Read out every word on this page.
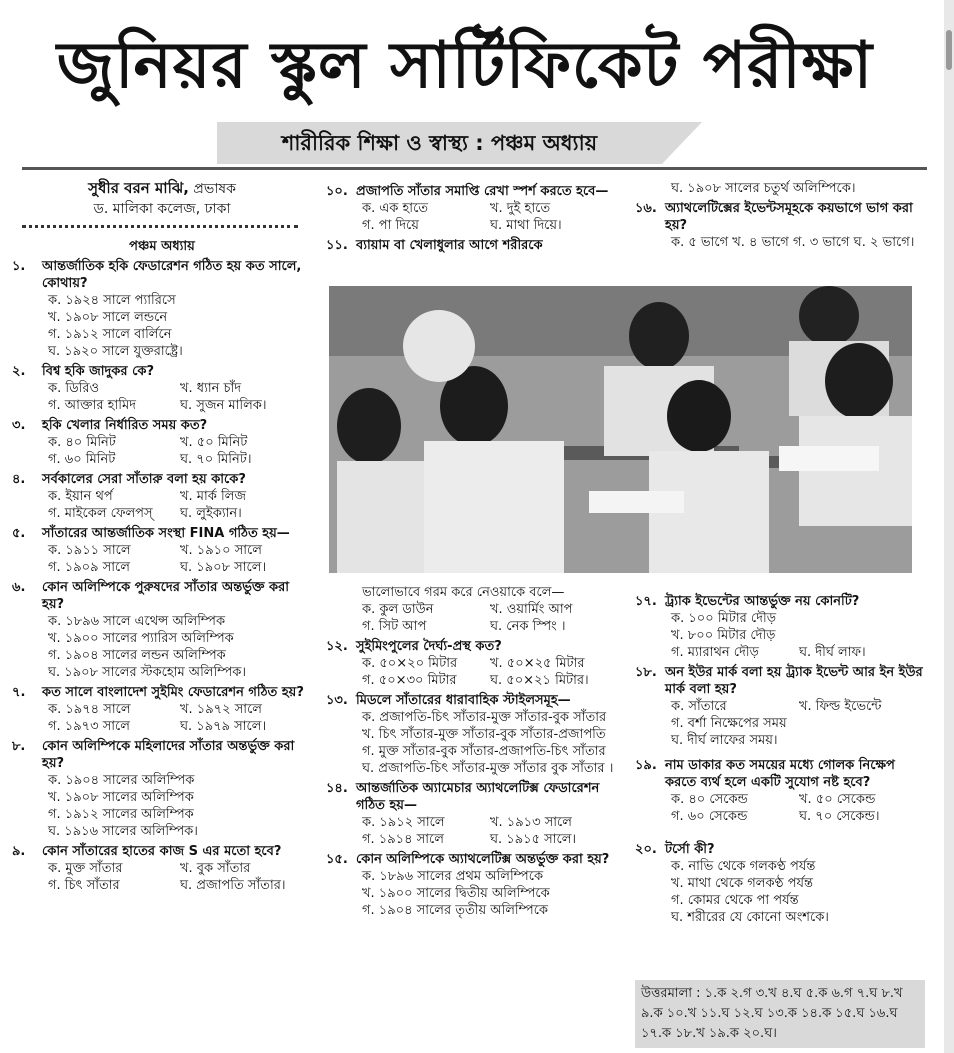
জুনিয়র স্কুল সার্টিফিকেট পরীক্ষা
শারীরিক শিক্ষা ও স্বাস্থ্য : পঞ্চম অধ্যায়
সুধীর বরন মাঝি, প্রভাষক
ড. মালিকা কলেজ, ঢাকা
পঞ্চম অধ্যায়
১.	আন্তর্জাতিক হকি ফেডারেশন গঠিত হয় কত সালে, কোথায়?
ক. ১৯২৪ সালে প্যারিসে
খ. ১৯০৮ সালে লন্ডনে
গ. ১৯১২ সালে বার্লিনে
ঘ. ১৯২০ সালে যুক্তরাষ্ট্রে।
২.	বিশ্ব হকি জাদুকর কে?
ক. ডিরিও	খ. ধ্যান চাঁদ
গ. আক্তার হামিদ	ঘ. সুজন মালিক।
৩.	হকি খেলার নির্ধারিত সময় কত?
ক. ৪০ মিনিট	খ. ৫০ মিনিট
গ. ৬০ মিনিট	ঘ. ৭০ মিনিট।
৪.	সর্বকালের সেরা সাঁতারু বলা হয় কাকে?
ক. ইয়ান থর্প	খ. মার্ক লিজ
গ. মাইকেল ফেলপস্	ঘ. লুইক্যান।
৫.	সাঁতারের আন্তর্জাতিক সংস্থা FINA গঠিত হয়—
ক. ১৯১১ সালে	খ. ১৯১০ সালে
গ. ১৯০৯ সালে	ঘ. ১৯০৮ সালে।
৬.	কোন অলিম্পিকে পুরুষদের সাঁতার অন্তর্ভুক্ত করা হয়?
ক. ১৮৯৬ সালে এথেন্স অলিম্পিক
খ. ১৯০০ সালের প্যারিস অলিম্পিক
গ. ১৯০৪ সালের লন্ডন অলিম্পিক
ঘ. ১৯০৮ সালের স্টকহোম অলিম্পিক।
৭.	কত সালে বাংলাদেশ সুইমিং ফেডারেশন গঠিত হয়?
ক. ১৯৭৪ সালে	খ. ১৯৭২ সালে
গ. ১৯৭৩ সালে	ঘ. ১৯৭৯ সালে।
৮.	কোন অলিম্পিকে মহিলাদের সাঁতার অন্তর্ভুক্ত করা হয়?
ক. ১৯০৪ সালের অলিম্পিক
খ. ১৯০৮ সালের অলিম্পিক
গ. ১৯১২ সালের অলিম্পিক
ঘ. ১৯১৬ সালের অলিম্পিক।
৯.	কোন সাঁতারের হাতের কাজ S এর মতো হবে?
ক. মুক্ত সাঁতার	খ. বুক সাঁতার
গ. চিৎ সাঁতার	ঘ. প্রজাপতি সাঁতার।
১০. প্রজাপতি সাঁতার সমাপ্তি রেখা স্পর্শ করতে হবে—
ক. এক হাতে	খ. দুই হাতে
গ. পা দিয়ে	ঘ. মাথা দিয়ে।
১১. ব্যায়াম বা খেলাধুলার আগে শরীরকে
ভালোভাবে গরম করে নেওয়াকে বলে—
ক. কুল ডাউন	খ. ওয়ার্মিং আপ
গ. সিট আপ	ঘ. নেক স্পিং ।
১২. সুইমিংপুলের দৈর্ঘ্য-প্রস্থ কত?
ক. ৫০×২০ মিটার	খ. ৫০×২৫ মিটার
গ. ৫০×৩০ মিটার	ঘ. ৫০×২১ মিটার।
১৩. মিডলে সাঁতারের ধারাবাহিক স্টাইলসমূহ—
ক. প্রজাপতি-চিৎ সাঁতার-মুক্ত সাঁতার-বুক সাঁতার
খ. চিৎ সাঁতার-মুক্ত সাঁতার-বুক সাঁতার-প্রজাপতি
গ. মুক্ত সাঁতার-বুক সাঁতার-প্রজাপতি-চিৎ সাঁতার
ঘ. প্রজাপতি-চিৎ সাঁতার-মুক্ত সাঁতার বুক সাঁতার ।
১৪. আন্তর্জাতিক অ্যামেচার অ্যাথলেটিক্স ফেডারেশন গঠিত হয়—
ক. ১৯১২ সালে	খ. ১৯১৩ সালে
গ. ১৯১৪ সালে	ঘ. ১৯১৫ সালে।
১৫. কোন অলিম্পিকে অ্যাথলেটিক্স অন্তর্ভুক্ত করা হয়?
ক. ১৮৯৬ সালের প্রথম অলিম্পিকে
খ. ১৯০০ সালের দ্বিতীয় অলিম্পিকে
গ. ১৯০৪ সালের তৃতীয় অলিম্পিকে
ঘ. ১৯০৮ সালের চতুর্থ অলিম্পিকে।
১৬. অ্যাথলেটিক্সের ইভেন্টসমূহকে কয়ভাগে ভাগ করা হয়?
ক. ৫ ভাগে খ. ৪ ভাগে গ. ৩ ভাগে ঘ. ২ ভাগে।
১৭. ট্র্যাক ইভেন্টের আন্তর্ভুক্ত নয় কোনটি?
ক. ১০০ মিটার দৌড়
খ. ৮০০ মিটার দৌড়
গ. ম্যারাথন দৌড়	ঘ. দীর্ঘ লাফ।
১৮. অন ইউর মার্ক বলা হয় ট্র্যাক ইভেন্ট আর ইন ইউর মার্ক বলা হয়?
ক. সাঁতারে	খ. ফিল্ড ইভেন্টে
গ. বর্শা নিক্ষেপের সময়
ঘ. দীর্ঘ লাফের সময়।
১৯. নাম ডাকার কত সময়ের মধ্যে গোলক নিক্ষেপ করতে ব্যর্থ হলে একটি সুযোগ নষ্ট হবে?
ক. ৪০ সেকেন্ড	খ. ৫০ সেকেন্ড
গ. ৬০ সেকেন্ড	ঘ. ৭০ সেকেন্ড।
২০. টর্সো কী?
ক. নাভি থেকে গলকণ্ঠ পর্যন্ত
খ. মাথা থেকে গলকণ্ঠ পর্যন্ত
গ. কোমর থেকে পা পর্যন্ত
ঘ. শরীরের যে কোনো অংশকে।
উত্তরমালা : ১.ক ২.গ ৩.খ ৪.ঘ ৫.ক ৬.গ ৭.ঘ ৮.খ ৯.ক ১০.খ ১১.ঘ ১২.ঘ ১৩.ক ১৪.ক ১৫.ঘ ১৬.ঘ ১৭.ক ১৮.খ ১৯.ক ২০.ঘ।
